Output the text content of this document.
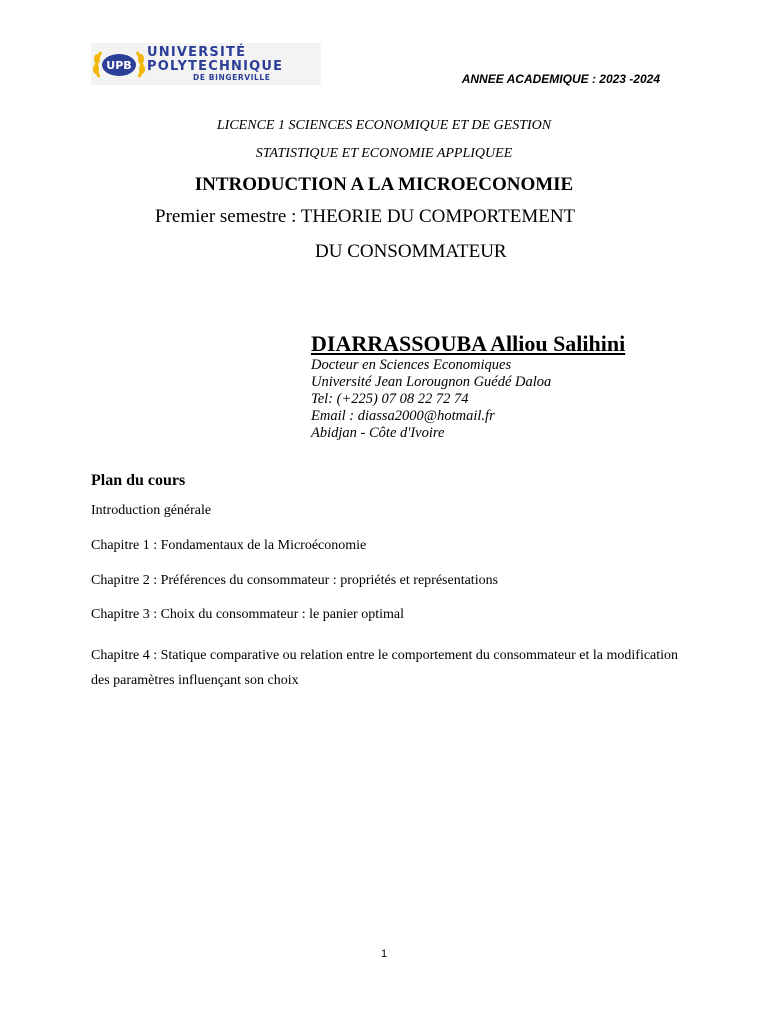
UPB
UNIVERSITÉ
POLYTECHNIQUE
DE BINGERVILLE	ANNEE ACADEMIQUE : 2023 -2024
LICENCE 1 SCIENCES ECONOMIQUE ET DE GESTION
STATISTIQUE ET ECONOMIE APPLIQUEE
INTRODUCTION A LA MICROECONOMIE
Premier semestre : THEORIE DU COMPORTEMENT
DU CONSOMMATEUR
DIARRASSOUBA Alliou Salihini
Docteur en Sciences Economiques
Université Jean Lorougnon Guédé Daloa
Tel: (+225) 07 08 22 72 74
Email : diassa2000@hotmail.fr
Abidjan - Côte d'Ivoire
Plan du cours
Introduction générale
Chapitre 1 : Fondamentaux de la Microéconomie
Chapitre 2 : Préférences du consommateur : propriétés et représentations
Chapitre 3 : Choix du consommateur : le panier optimal
Chapitre 4 : Statique comparative ou relation entre le comportement du consommateur et la modification des paramètres influençant son choix
1
